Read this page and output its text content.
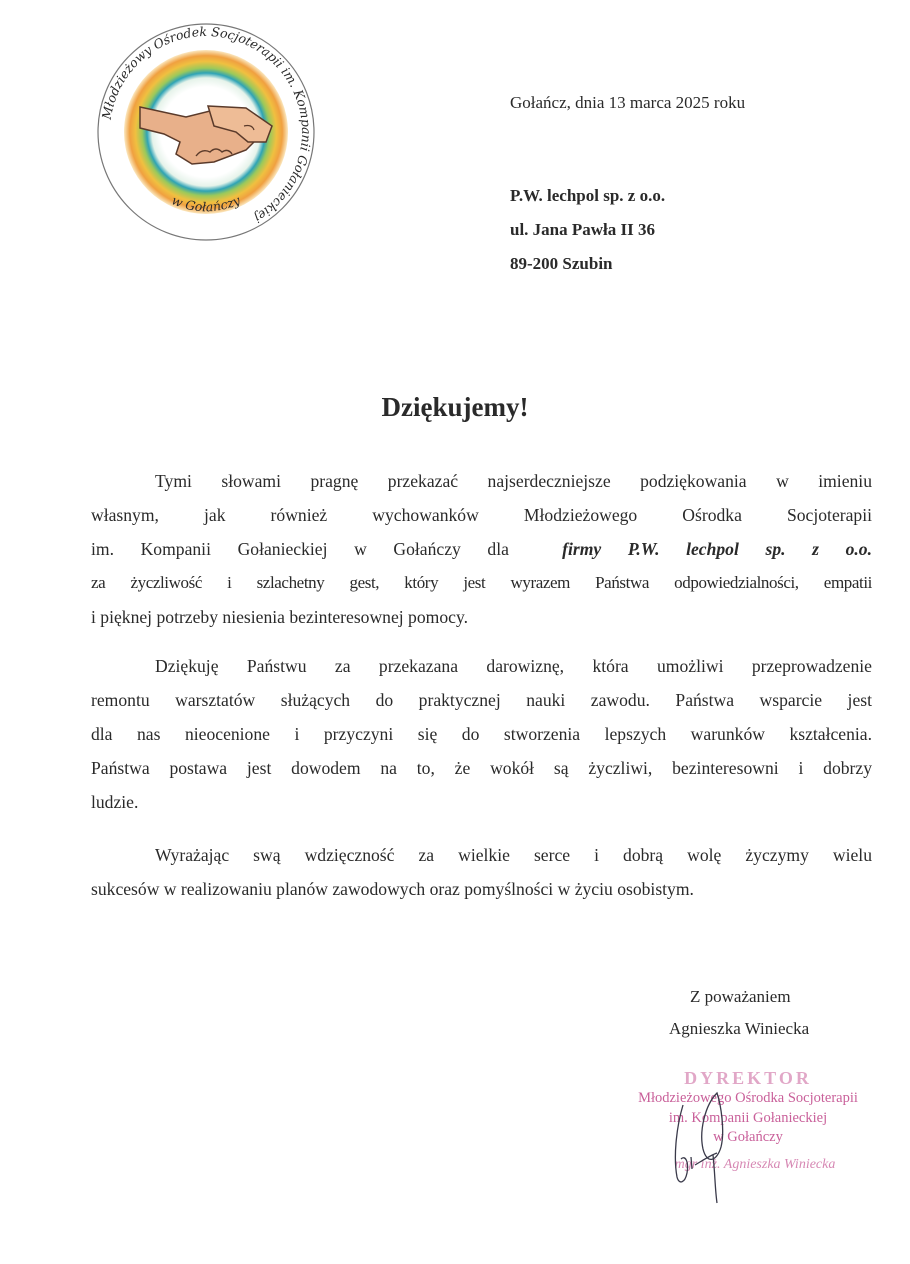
Młodzieżowy Ośrodek Socjoterapii im. Kompanii Gołanieckiej
w Gołańczy
Gołańcz, dnia 13 marca 2025 roku
P.W. lechpol sp. z o.o.
ul. Jana Pawła II 36
89-200 Szubin
Dziękujemy!
Tymi słowami pragnę przekazać najserdeczniejsze podziękowania w imieniu
własnym, jak również wychowanków Młodzieżowego Ośrodka Socjoterapii
im. Kompanii Gołanieckiej w Gołańczy dla	firmy P.W. lechpol sp. z o.o.
za życzliwość i szlachetny gest, który jest wyrazem Państwa odpowiedzialności, empatii
i pięknej potrzeby niesienia bezinteresownej pomocy.
Dziękuję Państwu za przekazana darowiznę, która umożliwi przeprowadzenie
remontu warsztatów służących do praktycznej nauki zawodu. Państwa wsparcie jest
dla nas nieocenione i przyczyni się do stworzenia lepszych warunków kształcenia.
Państwa postawa jest dowodem na to, że wokół są życzliwi, bezinteresowni i dobrzy
ludzie.
Wyrażając swą wdzięczność za wielkie serce i dobrą wolę życzymy wielu
sukcesów w realizowaniu planów zawodowych oraz pomyślności w życiu osobistym.
Z poważaniem
Agnieszka Winiecka
DYREKTOR
Młodzieżowego Ośrodka Socjoterapii
im. Kompanii Gołanieckiej
w Gołańczy
mgr inż. Agnieszka Winiecka
